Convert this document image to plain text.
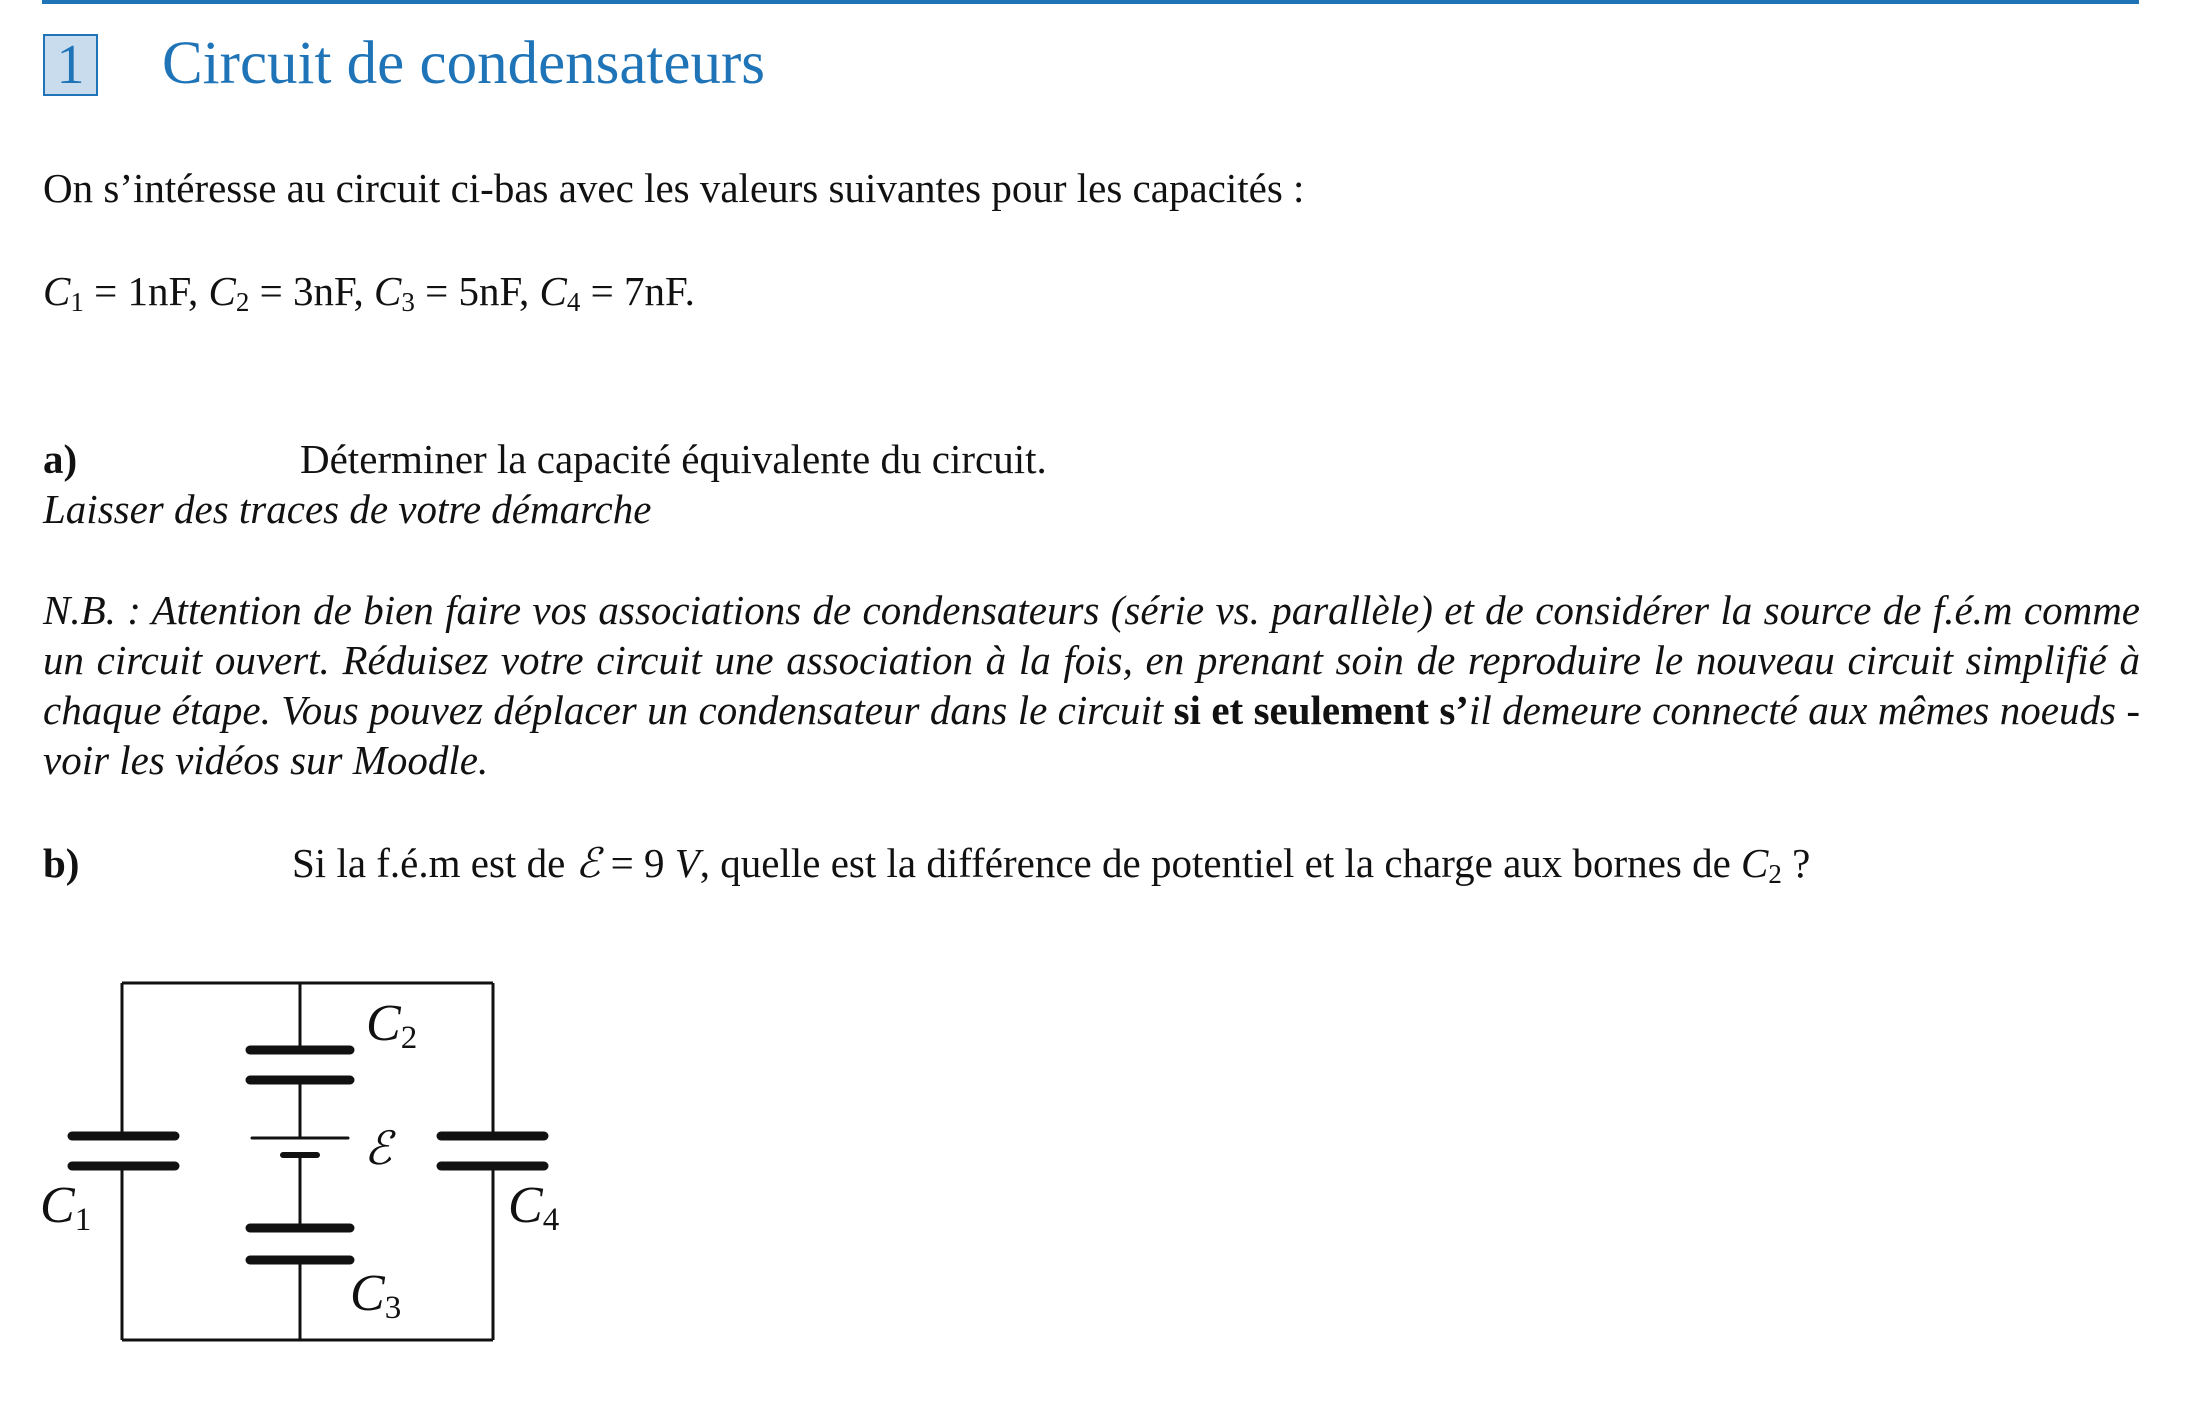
1 Circuit de condensateurs
On s’intéresse au circuit ci-bas avec les valeurs suivantes pour les capacités :
$C_1 = 1nF$, $C_2 = 3nF$, $C_3 = 5nF$, $C_4 = 7nF$.
a)	Déterminer la capacité équivalente du circuit.
Laisser des traces de votre démarche
N.B. : Attention de bien faire vos associations de condensateurs (série vs. parallèle) et de considérer la source de f.é.m comme un circuit ouvert. Réduisez votre circuit une association à la fois, en prenant soin de reproduire le nouveau circuit simplifié à chaque étape. Vous pouvez déplacer un condensateur dans le circuit si et seulement s’il demeure connecté aux mêmes noeuds - voir les vidéos sur Moodle.
b)	Si la f.é.m est de ℰ = 9 V, quelle est la différence de potentiel et la charge aux bornes de $C_2$ ?
C1
C2
C3
C4
ℰ
